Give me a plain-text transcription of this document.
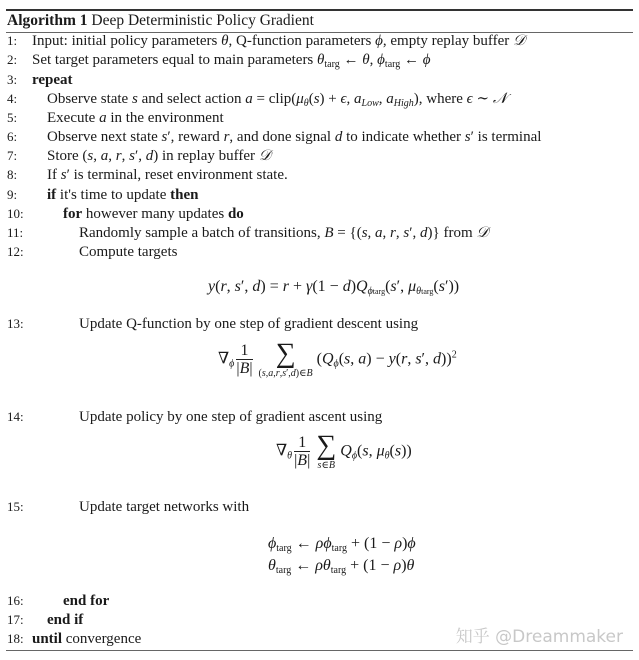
Algorithm 1 Deep Deterministic Policy Gradient
1: Input: initial policy parameters θ, Q-function parameters ϕ, empty replay buffer 𝒟
2: Set target parameters equal to main parameters $\theta_{targ}$ ← θ, $\phi_{targ}$ ← ϕ
3: repeat
4:	Observe state s and select action $a = clip(\mu_\theta(s) + \epsilon$, $a_{Low}$, $a_{High}$), where ϵ ∼ 𝒩
5:	Execute a in the environment
6:	Observe next state s′, reward r, and done signal d to indicate whether s′ is terminal
7:	Store (s, a, r, s′, d) in replay buffer 𝒟
8:	If s′ is terminal, reset environment state.
9:	if it's time to update then
10:	for however many updates do
11:	Randomly sample a batch of transitions, B = {(s, a, r, s′, d)} from 𝒟
12:	Compute targets
y(r, s′, $d) = r + \gamma(1 - d)Q_{\phi targ}(s'$, $\mu_{\theta targ}(s')$)
13:	Update Q-function by one step of gradient descent using
$\nabla_\phi \frac{1}{|B|}$ ∑
(s,a,r,s′,d)∈B
($Q_\phi(s$, a) − y(r, s′, d))$^2$
14:	Update policy by one step of gradient ascent using
$\nabla_\theta \frac{1}{|B|}$ ∑
s∈B
$Q_\phi(s$, $\mu_\theta(s)$)
15:	Update target networks with
$\phi_{targ}$ ← $\rho\phi_{targ} + (1 - \rho)\phi$
$\theta_{targ}$ ← $\rho\theta_{targ} + (1 - \rho)\theta$
16:	end for
17: end if
18: until convergence	知乎 @Dreammaker
